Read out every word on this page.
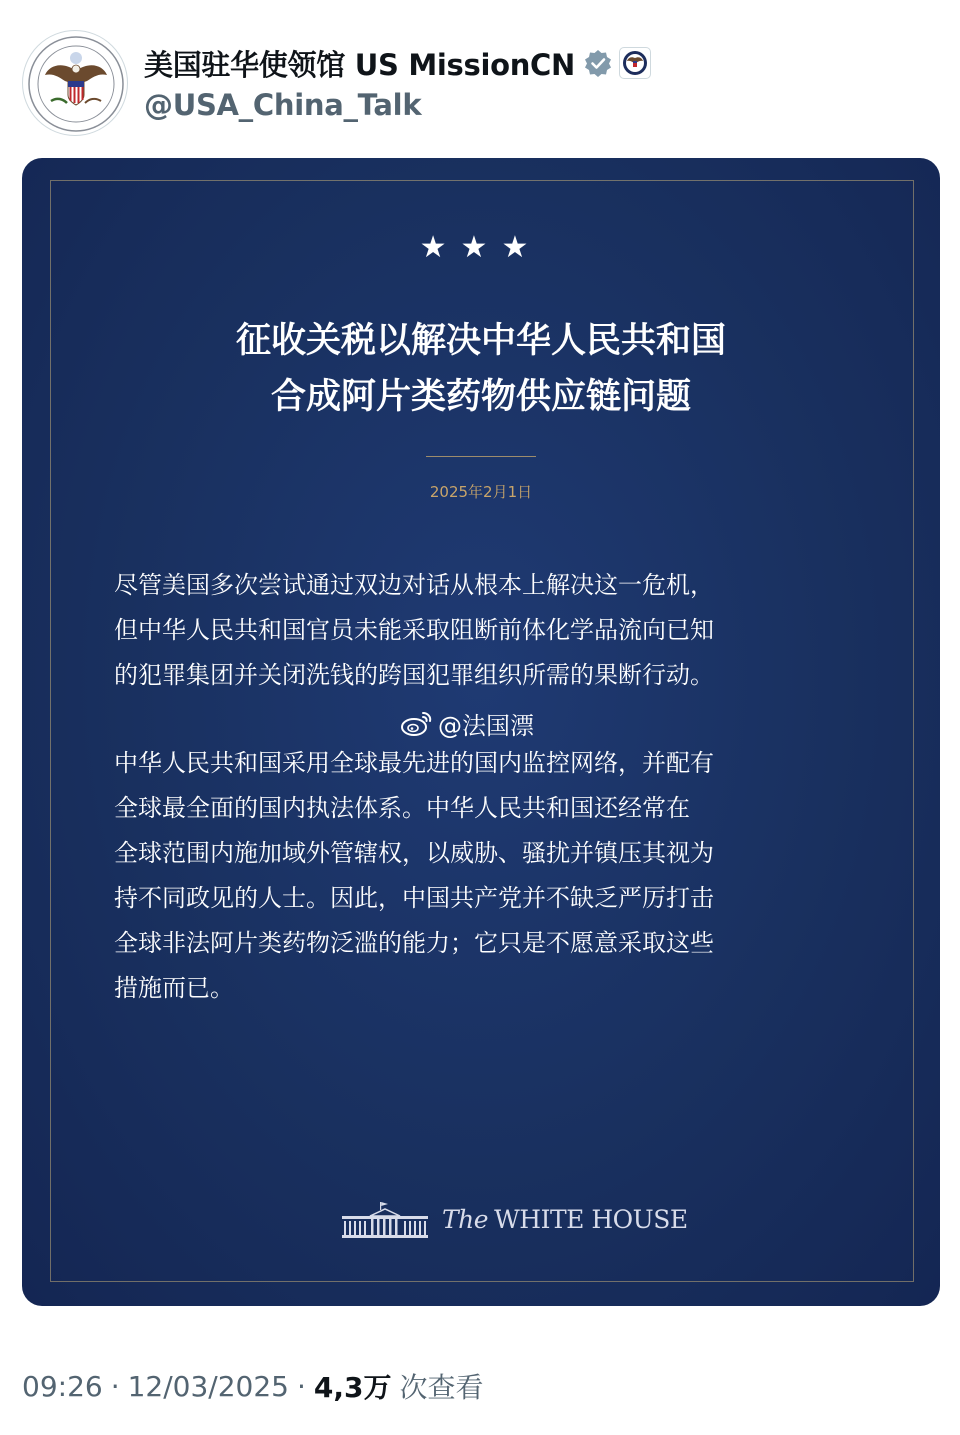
美国驻华使领馆 US MissionCN
@USA_China_Talk
★★★
征收关税以解决中华人民共和国
合成阿片类药物供应链问题
2025年2月1日
尽管美国多次尝试通过双边对话从根本上解决这一危机，
但中华人民共和国官员未能采取阻断前体化学品流向已知
的犯罪集团并关闭洗钱的跨国犯罪组织所需的果断行动。
@法国漂
中华人民共和国采用全球最先进的国内监控网络，并配有
全球最全面的国内执法体系。中华人民共和国还经常在
全球范围内施加域外管辖权，以威胁、骚扰并镇压其视为
持不同政见的人士。因此，中国共产党并不缺乏严厉打击
全球非法阿片类药物泛滥的能力；它只是不愿意采取这些
措施而已。
The WHITE HOUSE
09:26 · 12/03/2025 · 4,3万 次查看
